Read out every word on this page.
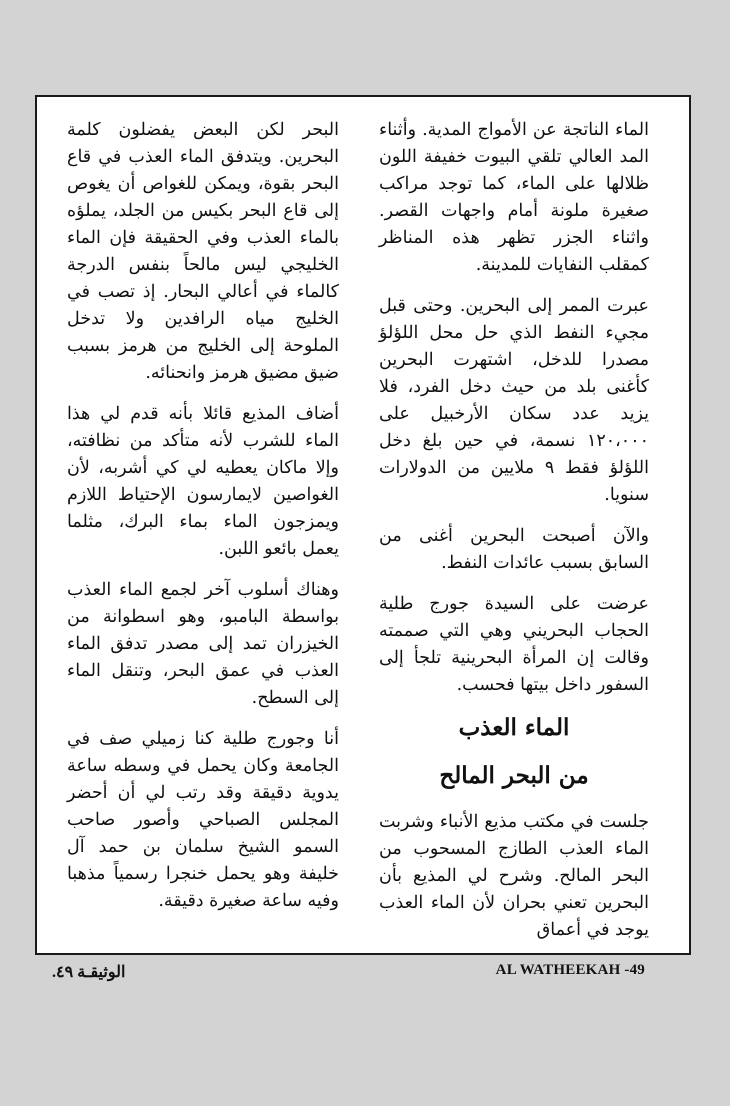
الماء الناتجة عن الأمواج المدية. وأثناء المد العالي تلقي البيوت خفيفة اللون ظلالها على الماء، كما توجد مراكب صغيرة ملونة أمام واجهات القصر. واثناء الجزر تظهر هذه المناظر كمقلب النفايات للمدينة.

عبرت الممر إلى البحرين. وحتى قبل مجيء النفط الذي حل محل اللؤلؤ مصدرا للدخل، اشتهرت البحرين كأغنى بلد من حيث دخل الفرد، فلا يزيد عدد سكان الأرخبيل على ١٢٠،٠٠٠ نسمة، في حين بلغ دخل اللؤلؤ فقط ٩ ملايين من الدولارات سنويا.

والآن أصبحت البحرين أغنى من السابق بسبب عائدات النفط.

عرضت على السيدة جورج طلية الحجاب البحريني وهي التي صممته وقالت إن المرأة البحرينية تلجأ إلى السفور داخل بيتها فحسب.

الماء العذب
من البحر المالح

جلست في مكتب مذيع الأنباء وشربت الماء العذب الطازج المسحوب من البحر المالح. وشرح لي المذيع بأن البحرين تعني بحران لأن الماء العذب يوجد في أعماق

البحر لكن البعض يفضلون كلمة البحرين. ويتدفق الماء العذب في قاع البحر بقوة، ويمكن للغواص أن يغوص إلى قاع البحر بكيس من الجلد، يملؤه بالماء العذب وفي الحقيقة فإن الماء الخليجي ليس مالحاً بنفس الدرجة كالماء في أعالي البحار. إذ تصب في الخليج مياه الرافدين ولا تدخل الملوحة إلى الخليج من هرمز بسبب ضيق مضيق هرمز وانحنائه.

أضاف المذيع قائلا بأنه قدم لي هذا الماء للشرب لأنه متأكد من نظافته، وإلا ماكان يعطيه لي كي أشربه، لأن الغواصين لايمارسون الإحتياط اللازم ويمزجون الماء بماء البرك، مثلما يعمل بائعو اللبن.

وهناك أسلوب آخر لجمع الماء العذب بواسطة البامبو، وهو اسطوانة من الخيزران تمد إلى مصدر تدفق الماء العذب في عمق البحر، وتنقل الماء إلى السطح.

أنا وجورج طلية كنا زميلي صف في الجامعة وكان يحمل في وسطه ساعة يدوية دقيقة وقد رتب لي أن أحضر المجلس الصباحي وأصور صاحب السمو الشيخ سلمان بن حمد آل خليفة وهو يحمل خنجرا رسمياً مذهبا وفيه ساعة صغيرة دقيقة.

الوثيقـة ٤٩.	AL WATHEEKAH -49
